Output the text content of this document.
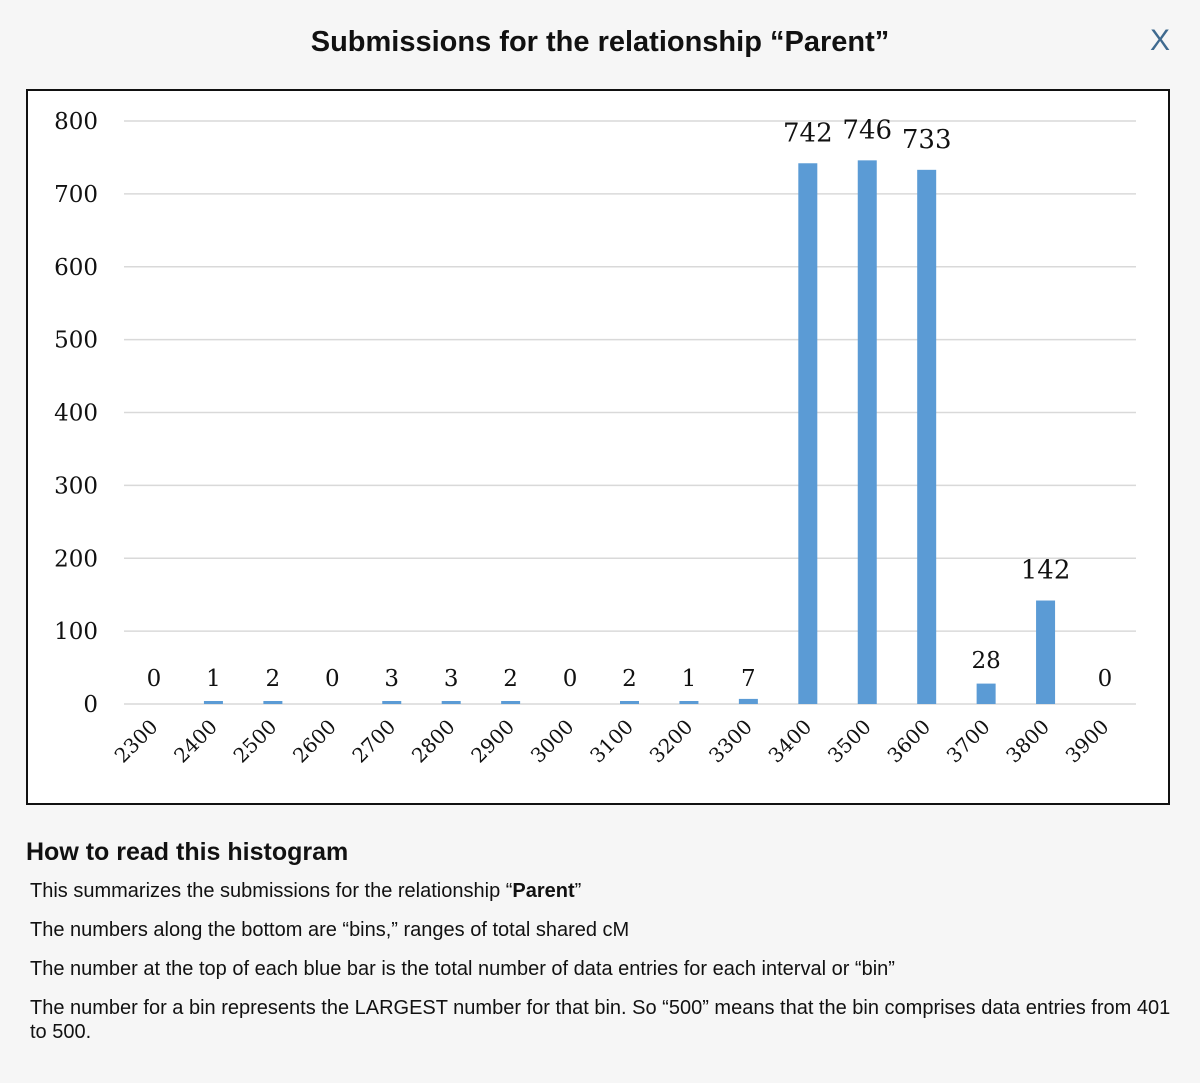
Submissions for the relationship “Parent”	X
0
100
200
300
400
500
600
700
800
0
2300
1
2400
2
2500
0
2600
3
2700
3
2800
2
2900
0
3000
2
3100
1
3200
7
3300
742
3400
746
3500
733
3600
28
3700
142
3800
0
3900
How to read this histogram
This summarizes the submissions for the relationship “Parent”
The numbers along the bottom are “bins,” ranges of total shared cM
The number at the top of each blue bar is the total number of data entries for each interval or “bin”
The number for a bin represents the LARGEST number for that bin. So “500” means that the bin comprises data entries from 401 to 500.
